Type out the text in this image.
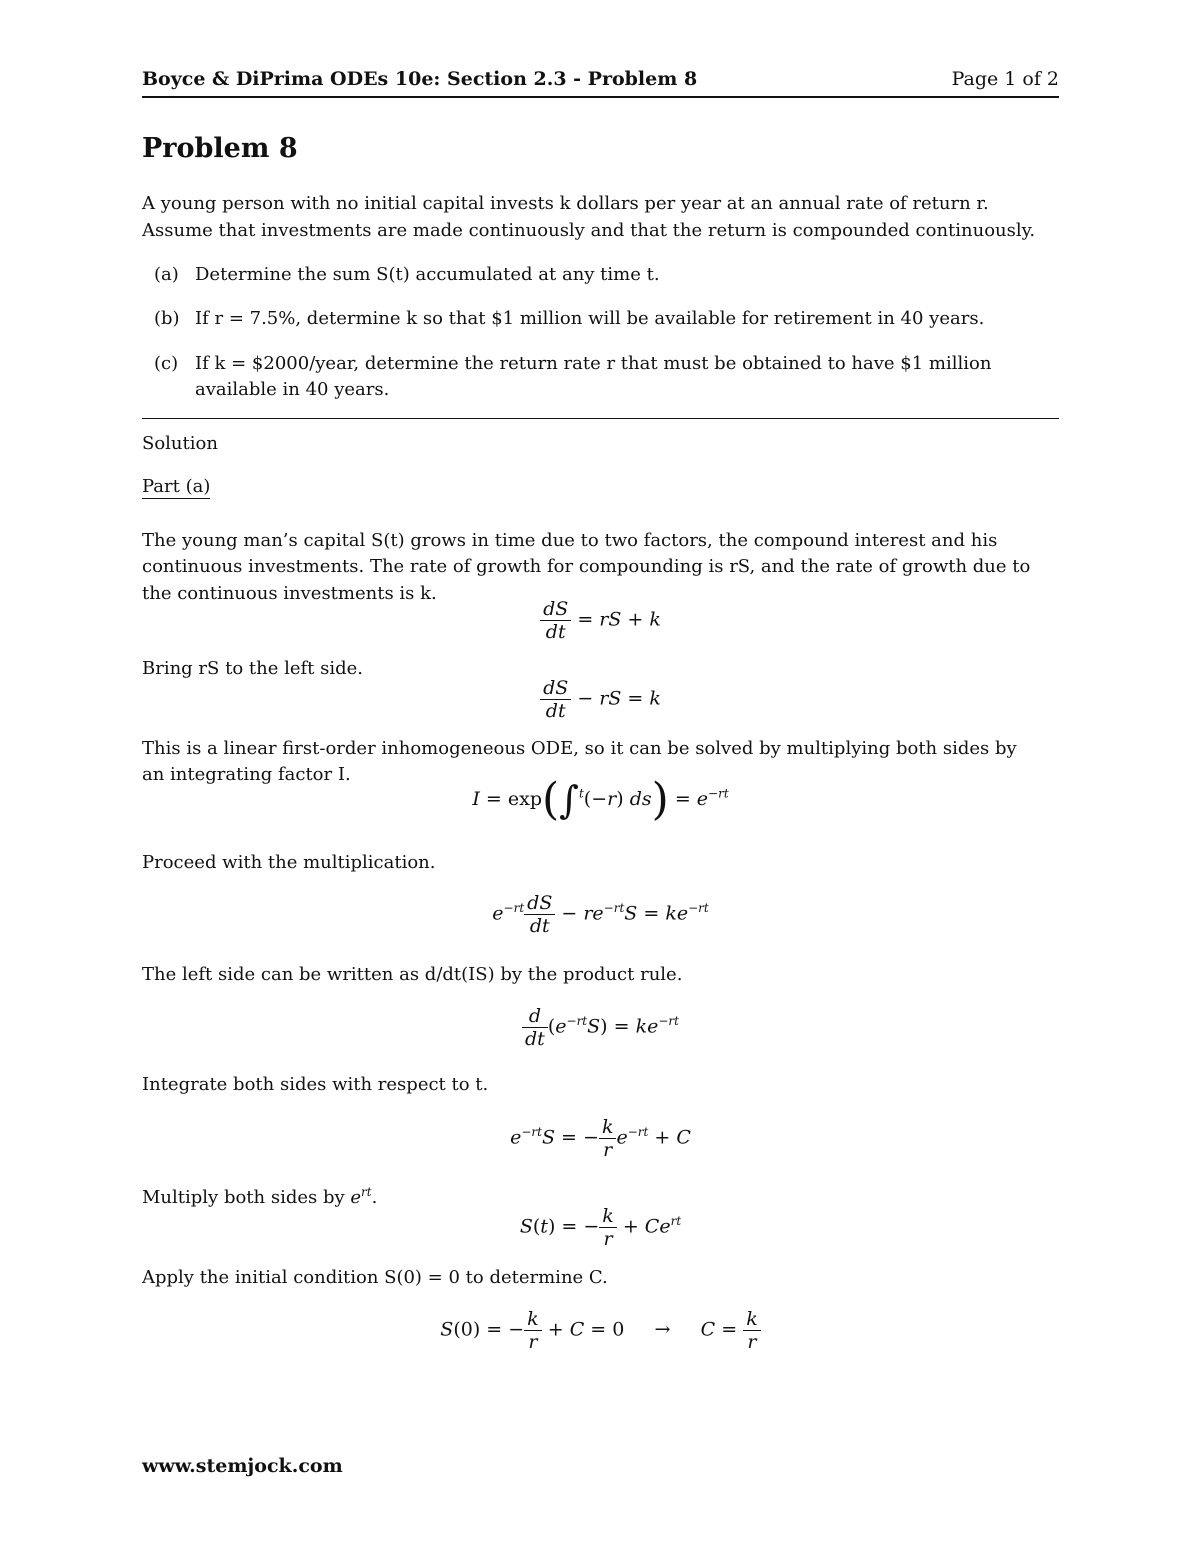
Boyce & DiPrima ODEs 10e: Section 2.3 - Problem 8	Page 1 of 2
Problem 8
A young person with no initial capital invests k dollars per year at an annual rate of return r.
Assume that investments are made continuously and that the return is compounded continuously.
(a) Determine the sum S(t) accumulated at any time t.
(b) If r = 7.5%, determine k so that $1 million will be available for retirement in 40 years.
(c) If k = $2000/year, determine the return rate r that must be obtained to have $1 million
available in 40 years.
Solution
Part (a)
The young man’s capital S(t) grows in time due to two factors, the compound interest and his
continuous investments. The rate of growth for compounding is rS, and the rate of growth due to
the continuous investments is k.
$\frac{dS}{dt}$ = rS + k
Bring rS to the left side.
$\frac{dS}{dt}$ − rS = k
This is a linear first-order inhomogeneous ODE, so it can be solved by multiplying both sides by
an integrating factor I.
I = exp(∫$^t$(−r) $ds) = e^{-rt}$
Proceed with the multiplication.
$e^{-rt} \frac{dS}{dt} - re^{-rt}S = ke^{-rt}$
The left side can be written as d/dt(IS) by the product rule.
$\frac{d}{dt} (e^{-rt}S) = ke^{-rt}$
Integrate both sides with respect to t.
$e^{-rt}S$ = − $\frac{k}{r} e^{-rt} + C$
Multiply both sides by $e^{rt}$.
S(t) = − $\frac{k}{r} + Ce^{rt}$
Apply the initial condition S(0) = 0 to determine C.
S(0) = − $\frac{k}{r} + C = 0$     →     $C = \frac{k}{r}$
www.stemjock.com
